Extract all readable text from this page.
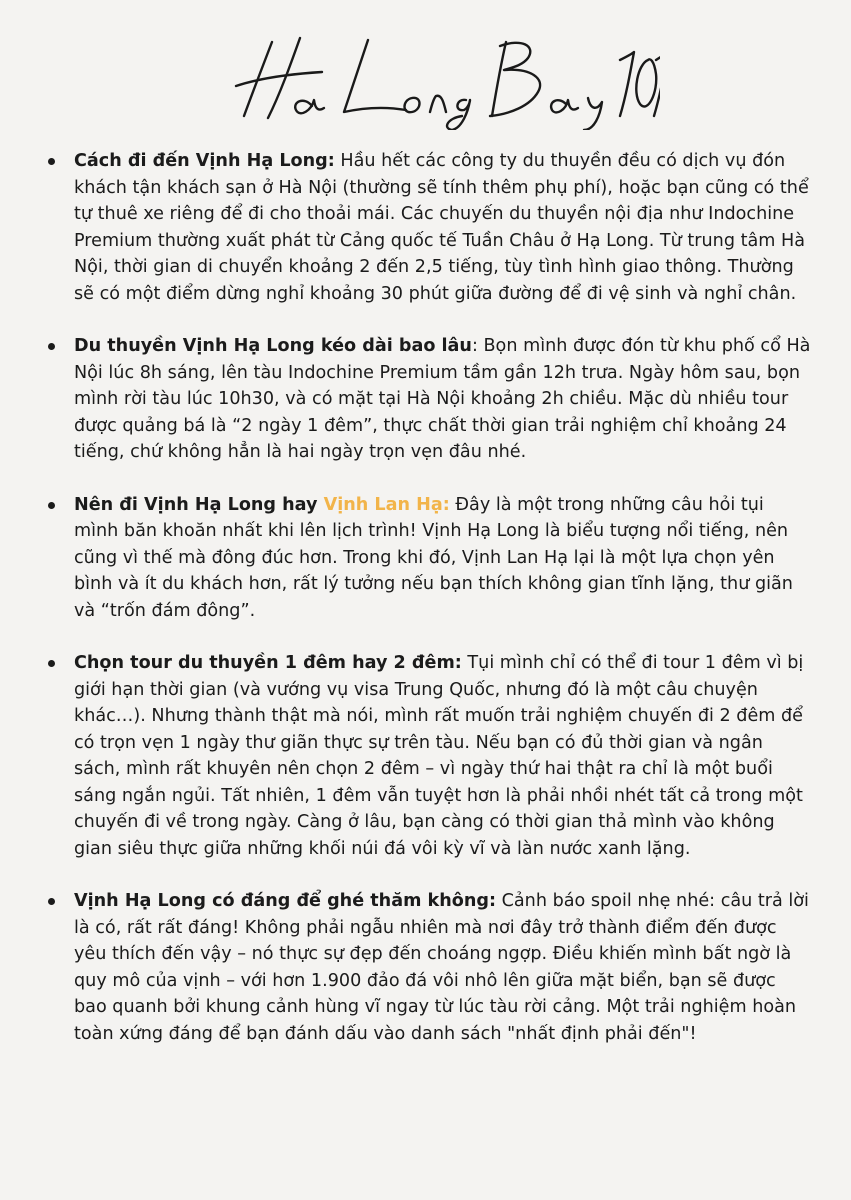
Cách đi đến Vịnh Hạ Long: Hầu hết các công ty du thuyền đều có dịch vụ đón khách tận khách sạn ở Hà Nội (thường sẽ tính thêm phụ phí), hoặc bạn cũng có thể tự thuê xe riêng để đi cho thoải mái. Các chuyến du thuyền nội địa như Indochine Premium thường xuất phát từ Cảng quốc tế Tuần Châu ở Hạ Long. Từ trung tâm Hà Nội, thời gian di chuyển khoảng 2 đến 2,5 tiếng, tùy tình hình giao thông. Thường sẽ có một điểm dừng nghỉ khoảng 30 phút giữa đường để đi vệ sinh và nghỉ chân.
Du thuyền Vịnh Hạ Long kéo dài bao lâu: Bọn mình được đón từ khu phố cổ Hà Nội lúc 8h sáng, lên tàu Indochine Premium tầm gần 12h trưa. Ngày hôm sau, bọn mình rời tàu lúc 10h30, và có mặt tại Hà Nội khoảng 2h chiều. Mặc dù nhiều tour được quảng bá là “2 ngày 1 đêm”, thực chất thời gian trải nghiệm chỉ khoảng 24 tiếng, chứ không hẳn là hai ngày trọn vẹn đâu nhé.
Nên đi Vịnh Hạ Long hay Vịnh Lan Hạ: Đây là một trong những câu hỏi tụi mình băn khoăn nhất khi lên lịch trình! Vịnh Hạ Long là biểu tượng nổi tiếng, nên cũng vì thế mà đông đúc hơn. Trong khi đó, Vịnh Lan Hạ lại là một lựa chọn yên bình và ít du khách hơn, rất lý tưởng nếu bạn thích không gian tĩnh lặng, thư giãn và “trốn đám đông”.
Chọn tour du thuyền 1 đêm hay 2 đêm: Tụi mình chỉ có thể đi tour 1 đêm vì bị giới hạn thời gian (và vướng vụ visa Trung Quốc, nhưng đó là một câu chuyện khác…). Nhưng thành thật mà nói, mình rất muốn trải nghiệm chuyến đi 2 đêm để có trọn vẹn 1 ngày thư giãn thực sự trên tàu. Nếu bạn có đủ thời gian và ngân sách, mình rất khuyên nên chọn 2 đêm – vì ngày thứ hai thật ra chỉ là một buổi sáng ngắn ngủi. Tất nhiên, 1 đêm vẫn tuyệt hơn là phải nhồi nhét tất cả trong một chuyến đi về trong ngày. Càng ở lâu, bạn càng có thời gian thả mình vào không gian siêu thực giữa những khối núi đá vôi kỳ vĩ và làn nước xanh lặng.
Vịnh Hạ Long có đáng để ghé thăm không: Cảnh báo spoil nhẹ nhé: câu trả lời là có, rất rất đáng! Không phải ngẫu nhiên mà nơi đây trở thành điểm đến được yêu thích đến vậy – nó thực sự đẹp đến choáng ngợp. Điều khiến mình bất ngờ là quy mô của vịnh – với hơn 1.900 đảo đá vôi nhô lên giữa mặt biển, bạn sẽ được bao quanh bởi khung cảnh hùng vĩ ngay từ lúc tàu rời cảng. Một trải nghiệm hoàn toàn xứng đáng để bạn đánh dấu vào danh sách "nhất định phải đến"!
